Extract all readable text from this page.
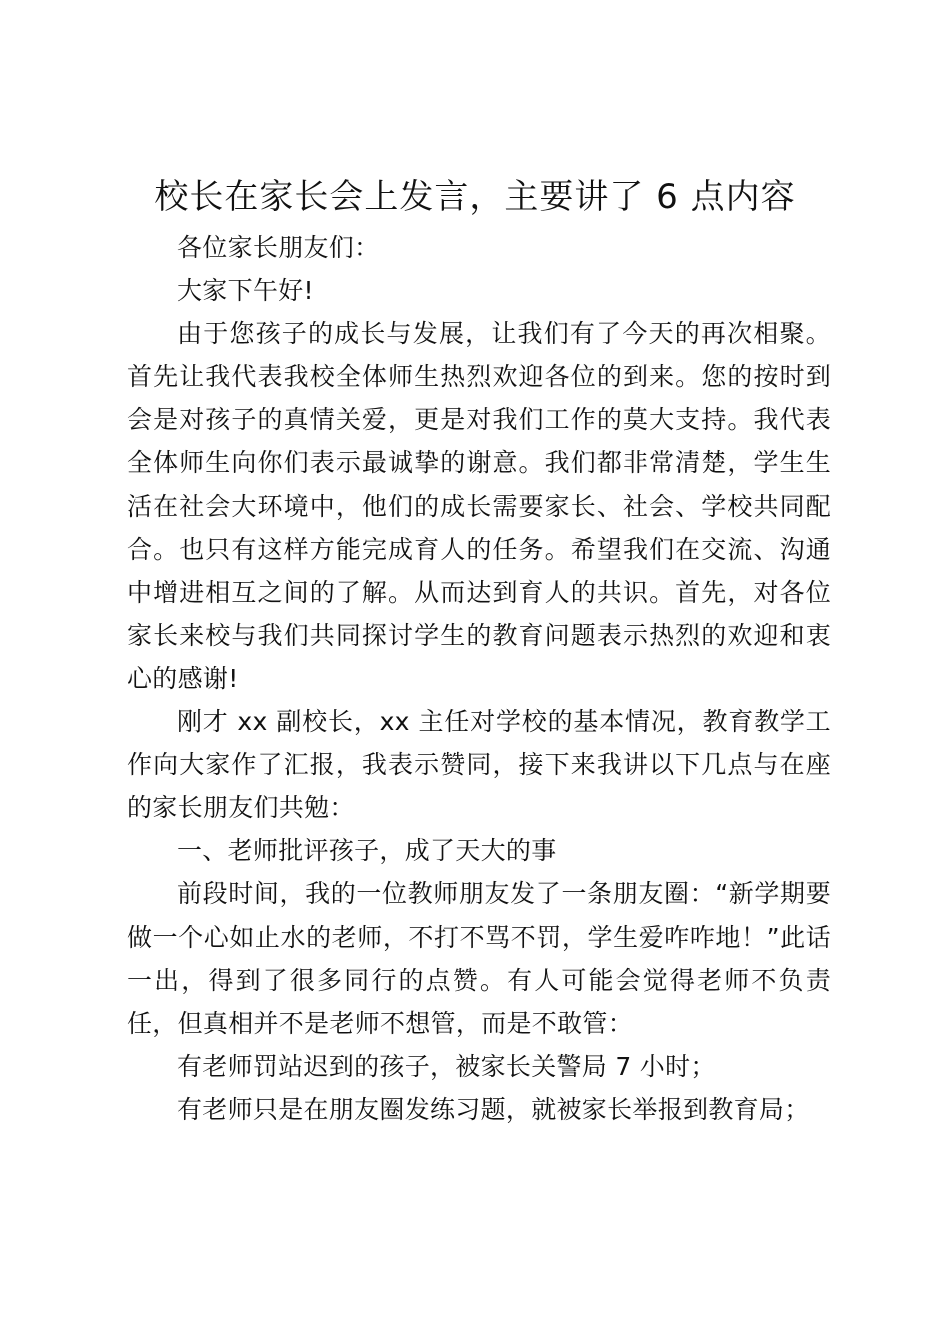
校长在家长会上发言，主要讲了 6 点内容

各位家长朋友们：

大家下午好!

由于您孩子的成长与发展，让我们有了今天的再次相聚。首先让我代表我校全体师生热烈欢迎各位的到来。您的按时到会是对孩子的真情关爱，更是对我们工作的莫大支持。我代表全体师生向你们表示最诚挚的谢意。我们都非常清楚，学生生活在社会大环境中，他们的成长需要家长、社会、学校共同配合。也只有这样方能完成育人的任务。希望我们在交流、沟通中增进相互之间的了解。从而达到育人的共识。首先，对各位家长来校与我们共同探讨学生的教育问题表示热烈的欢迎和衷心的感谢!

刚才 xx 副校长，xx 主任对学校的基本情况，教育教学工作向大家作了汇报，我表示赞同，接下来我讲以下几点与在座的家长朋友们共勉：

一、老师批评孩子，成了天大的事

前段时间，我的一位教师朋友发了一条朋友圈：“新学期要做一个心如止水的老师，不打不骂不罚，学生爱咋咋地！”此话一出，得到了很多同行的点赞。有人可能会觉得老师不负责任，但真相并不是老师不想管，而是不敢管：

有老师罚站迟到的孩子，被家长关警局 7 小时；

有老师只是在朋友圈发练习题，就被家长举报到教育局；
